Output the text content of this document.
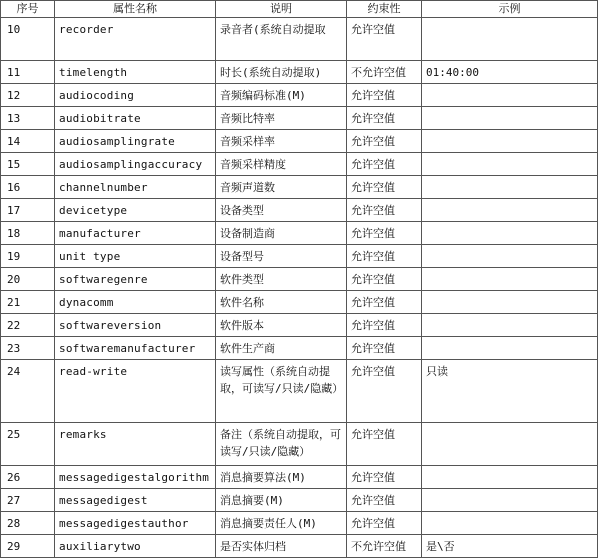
序号	属性名称	说明	约束性	示例
10	recorder	录音者(系统自动提取	允许空值	
11	timelength	时长(系统自动提取)	不允许空值	01:40:00
12	audiocoding	音频编码标准(M)	允许空值	
13	audiobitrate	音频比特率	允许空值	
14	audiosamplingrate	音频采样率	允许空值	
15	audiosamplingaccuracy	音频采样精度	允许空值	
16	channelnumber	音频声道数	允许空值	
17	devicetype	设备类型	允许空值	
18	manufacturer	设备制造商	允许空值	
19	unit type	设备型号	允许空值	
20	softwaregenre	软件类型	允许空值	
21	dynacomm	软件名称	允许空值	
22	softwareversion	软件版本	允许空值	
23	softwaremanufacturer	软件生产商	允许空值	
24	read-write	读写属性（系统自动提取，可读写/只读/隐藏）	允许空值	只读
25	remarks	备注（系统自动提取，可读写/只读/隐藏）	允许空值	
26	messagedigestalgorithm	消息摘要算法(M)	允许空值	
27	messagedigest	消息摘要(M)	允许空值	
28	messagedigestauthor	消息摘要责任人(M)	允许空值	
29	auxiliarytwo	是否实体归档	不允许空值	是\否
